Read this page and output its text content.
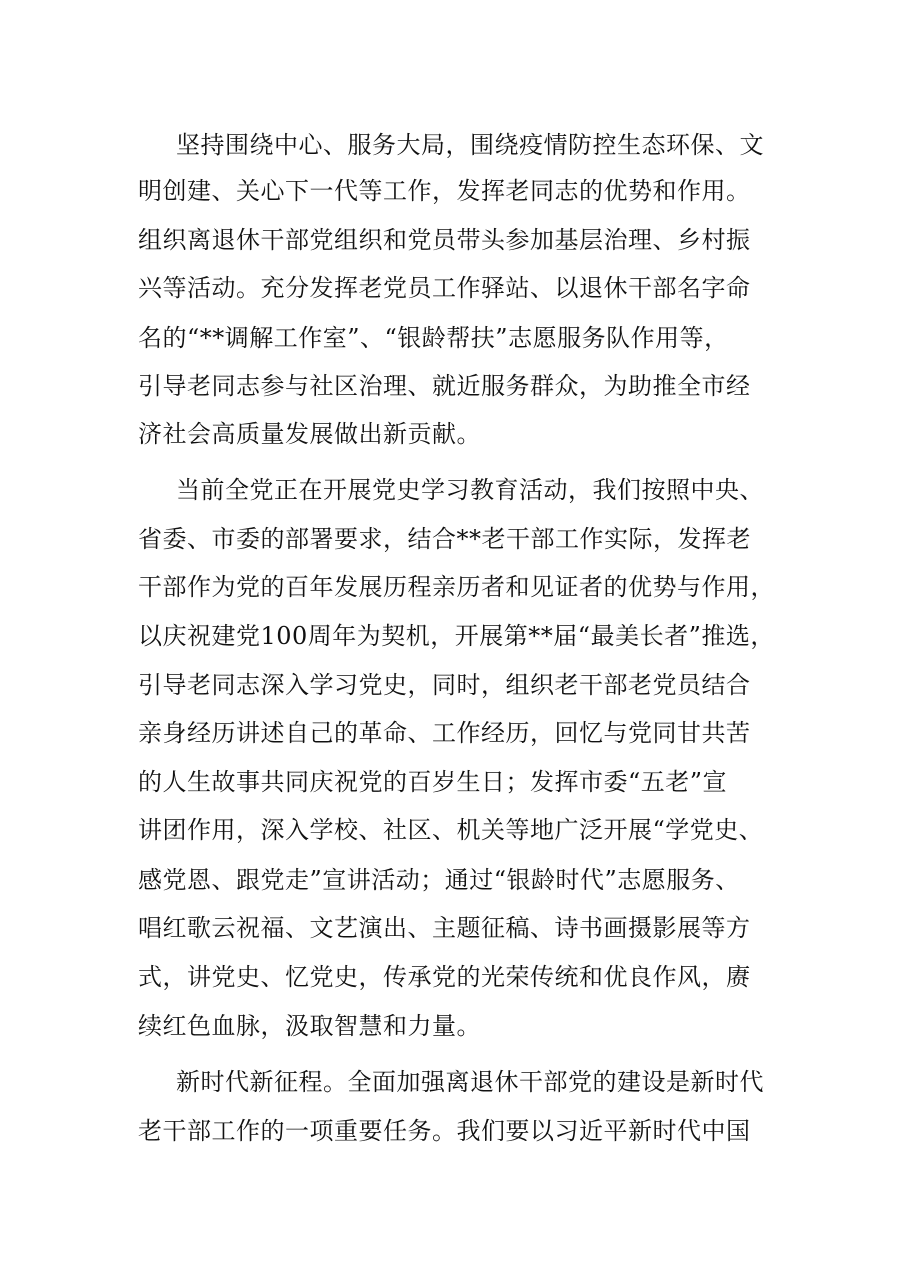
坚持围绕中心、服务大局，围绕疫情防控生态环保、文
明创建、关心下一代等工作，发挥老同志的优势和作用。
组织离退休干部党组织和党员带头参加基层治理、乡村振
兴等活动。充分发挥老党员工作驿站、以退休干部名字命
名的“**调解工作室”、“银龄帮扶”志愿服务队作用等，
引导老同志参与社区治理、就近服务群众，为助推全市经
济社会高质量发展做出新贡献。
当前全党正在开展党史学习教育活动，我们按照中央、
省委、市委的部署要求，结合**老干部工作实际，发挥老
干部作为党的百年发展历程亲历者和见证者的优势与作用，
以庆祝建党100周年为契机，开展第**届“最美长者”推选，
引导老同志深入学习党史，同时，组织老干部老党员结合
亲身经历讲述自己的革命、工作经历，回忆与党同甘共苦
的人生故事共同庆祝党的百岁生日；发挥市委“五老”宣
讲团作用，深入学校、社区、机关等地广泛开展“学党史、
感党恩、跟党走”宣讲活动；通过“银龄时代”志愿服务、
唱红歌云祝福、文艺演出、主题征稿、诗书画摄影展等方
式，讲党史、忆党史，传承党的光荣传统和优良作风，赓
续红色血脉，汲取智慧和力量。
新时代新征程。全面加强离退休干部党的建设是新时代
老干部工作的一项重要任务。我们要以习近平新时代中国
